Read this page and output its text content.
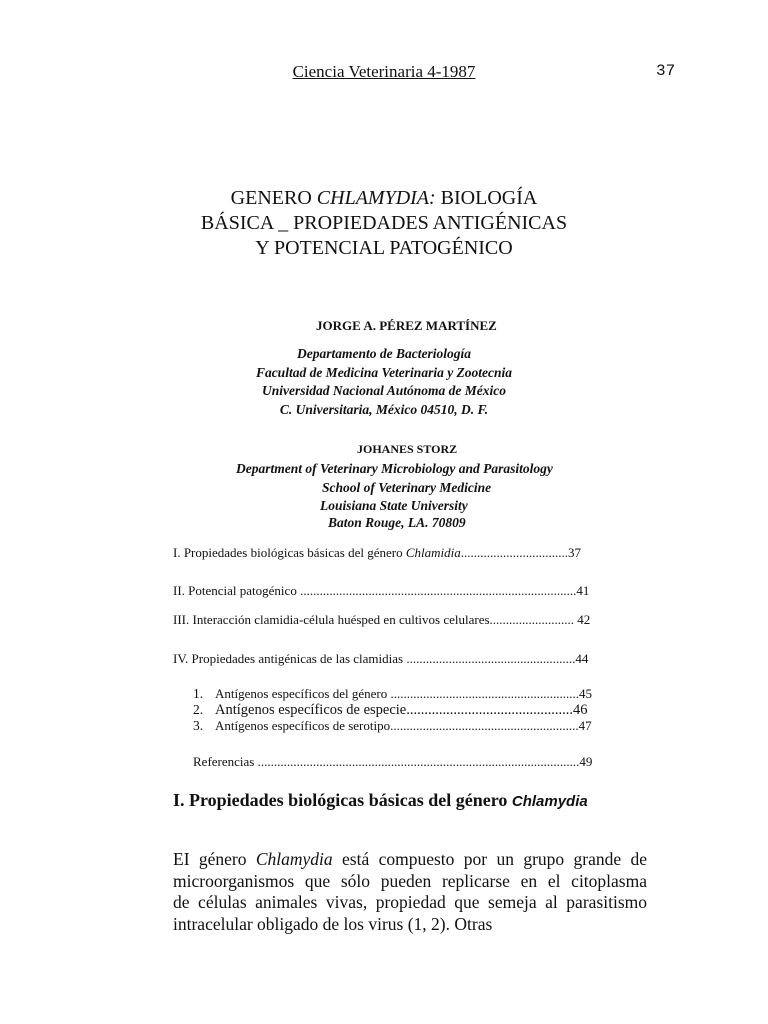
Ciencia Veterinaria 4-1987	37
GENERO CHLAMYDIA: BIOLOGÍA
BÁSICA _ PROPIEDADES ANTIGÉNICAS
Y POTENCIAL PATOGÉNICO
JORGE A. PÉREZ MARTÍNEZ
Departamento de Bacteriología
Facultad de Medicina Veterinaria y Zootecnia
Universidad Nacional Autónoma de México
C. Universitaria, México 04510, D. F.
JOHANES STORZ
Department of Veterinary Microbiology and Parasitology
School of Veterinary Medicine
Louisiana State University
Baton Rouge, LA. 70809
I. Propiedades biológicas básicas del género Chlamidia.................................37
II. Potencial patogénico .....................................................................................41
III. Interacción clamidia-célula huésped en cultivos celulares.......................... 42
IV. Propiedades antigénicas de las clamidias ....................................................44
1. Antígenos específicos del género ..........................................................45
2. Antígenos específicos de especie..............................................46
3. Antígenos específicos de serotipo..........................................................47
Referencias ...................................................................................................49
I. Propiedades biológicas básicas del género Chlamydia
EI género Chlamydia está compuesto por un grupo grande de
microorganismos que sólo pueden replicarse en el citoplasma
de células animales vivas, propiedad que semeja al parasitismo
intracelular obligado de los virus (1, 2). Otras
